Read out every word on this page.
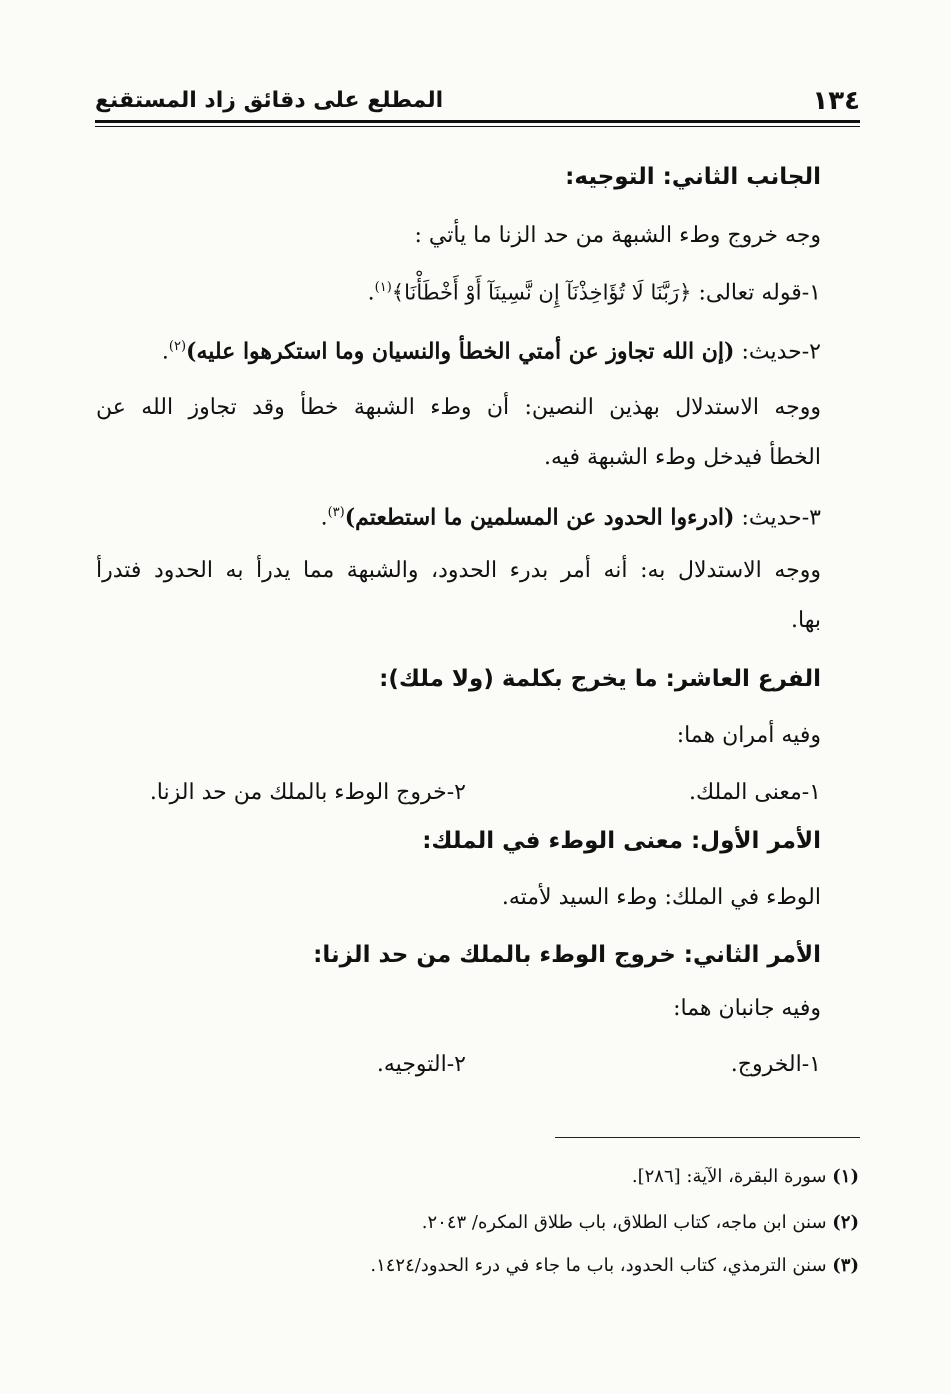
١٣٤
المطلع على دقائق زاد المستقنع
الجانب الثاني: التوجيه:
وجه خروج وطء الشبهة من حد الزنا ما يأتي :
١-قوله تعالى: ﴿رَبَّنَا لَا تُؤَاخِذْنَآ إِن نَّسِينَآ أَوْ أَخْطَأْنَا﴾$^{(١)}$.
٢-حديث: (إن الله تجاوز عن أمتي الخطأ والنسيان وما استكرهوا عليه)$^{(٢)}$.
ووجه الاستدلال بهذين النصين: أن وطء الشبهة خطأ وقد تجاوز الله عن
الخطأ فيدخل وطء الشبهة فيه.
٣-حديث: (ادرءوا الحدود عن المسلمين ما استطعتم)$^{(٣)}$.
ووجه الاستدلال به: أنه أمر بدرء الحدود، والشبهة مما يدرأ به الحدود فتدرأ
بها.
الفرع العاشر: ما يخرج بكلمة (ولا ملك):
وفيه أمران هما:
١-معنى الملك.
٢-خروج الوطء بالملك من حد الزنا.
الأمر الأول: معنى الوطء في الملك:
الوطء في الملك: وطء السيد لأمته.
الأمر الثاني: خروج الوطء بالملك من حد الزنا:
وفيه جانبان هما:
١-الخروج.
٢-التوجيه.
(١) سورة البقرة، الآية: [٢٨٦].
(٢) سنن ابن ماجه، كتاب الطلاق، باب طلاق المكره/ ٢٠٤٣.
(٣) سنن الترمذي، كتاب الحدود، باب ما جاء في درء الحدود/١٤٢٤.
